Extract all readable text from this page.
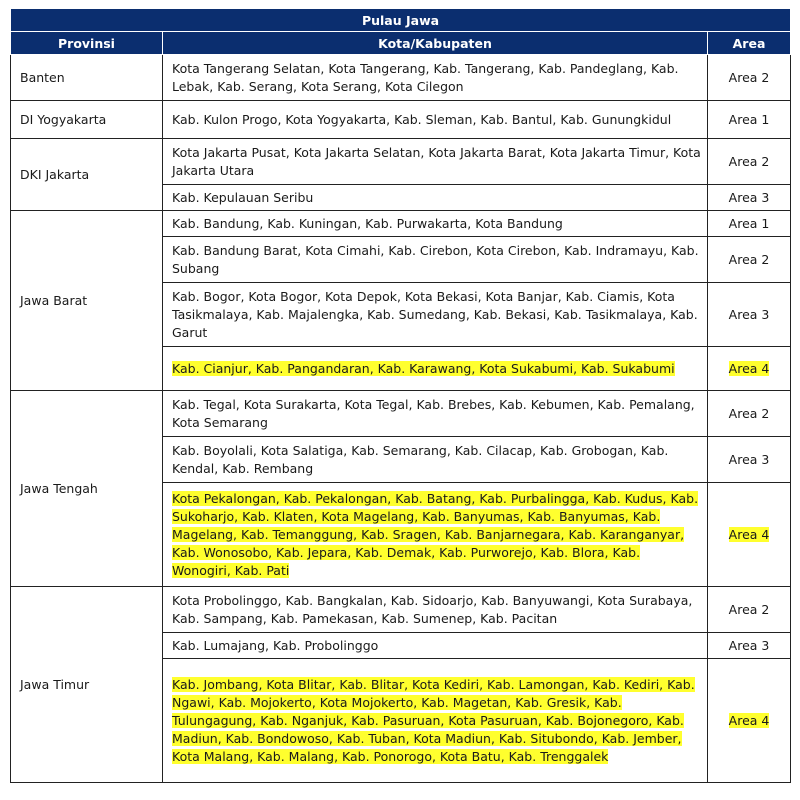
Pulau Jawa		
Provinsi	Kota/Kabupaten	Area
Banten	Kota Tangerang Selatan, Kota Tangerang, Kab. Tangerang, Kab. Pandeglang, Kab. Lebak, Kab. Serang, Kota Serang, Kota Cilegon	Area 2
DI Yogyakarta	Kab. Kulon Progo, Kota Yogyakarta, Kab. Sleman, Kab. Bantul, Kab. Gunungkidul	Area 1
DKI Jakarta	Kota Jakarta Pusat, Kota Jakarta Selatan, Kota Jakarta Barat, Kota Jakarta Timur, Kota Jakarta Utara	Area 2
	Kab. Kepulauan Seribu	Area 3
Jawa Barat	Kab. Bandung, Kab. Kuningan, Kab. Purwakarta, Kota Bandung	Area 1
	Kab. Bandung Barat, Kota Cimahi, Kab. Cirebon, Kota Cirebon, Kab. Indramayu, Kab. Subang	Area 2
	Kab. Bogor, Kota Bogor, Kota Depok, Kota Bekasi, Kota Banjar, Kab. Ciamis, Kota Tasikmalaya, Kab. Majalengka, Kab. Sumedang, Kab. Bekasi, Kab. Tasikmalaya, Kab. Garut	Area 3
	Kab. Cianjur, Kab. Pangandaran, Kab. Karawang, Kota Sukabumi, Kab. Sukabumi	Area 4
Jawa Tengah	Kab. Tegal, Kota Surakarta, Kota Tegal, Kab. Brebes, Kab. Kebumen, Kab. Pemalang, Kota Semarang	Area 2
	Kab. Boyolali, Kota Salatiga, Kab. Semarang, Kab. Cilacap, Kab. Grobogan, Kab. Kendal, Kab. Rembang	Area 3
	Kota Pekalongan, Kab. Pekalongan, Kab. Batang, Kab. Purbalingga, Kab. Kudus, Kab. Sukoharjo, Kab. Klaten, Kota Magelang, Kab. Banyumas, Kab. Banyumas, Kab. Magelang, Kab. Temanggung, Kab. Sragen, Kab. Banjarnegara, Kab. Karanganyar, Kab. Wonosobo, Kab. Jepara, Kab. Demak, Kab. Purworejo, Kab. Blora, Kab. Wonogiri, Kab. Pati	Area 4
Jawa Timur	Kota Probolinggo, Kab. Bangkalan, Kab. Sidoarjo, Kab. Banyuwangi, Kota Surabaya, Kab. Sampang, Kab. Pamekasan, Kab. Sumenep, Kab. Pacitan	Area 2
	Kab. Lumajang, Kab. Probolinggo	Area 3
	Kab. Jombang, Kota Blitar, Kab. Blitar, Kota Kediri, Kab. Lamongan, Kab. Kediri, Kab. Ngawi, Kab. Mojokerto, Kota Mojokerto, Kab. Magetan, Kab. Gresik, Kab. Tulungagung, Kab. Nganjuk, Kab. Pasuruan, Kota Pasuruan, Kab. Bojonegoro, Kab. Madiun, Kab. Bondowoso, Kab. Tuban, Kota Madiun, Kab. Situbondo, Kab. Jember, Kota Malang, Kab. Malang, Kab. Ponorogo, Kota Batu, Kab. Trenggalek	Area 4
